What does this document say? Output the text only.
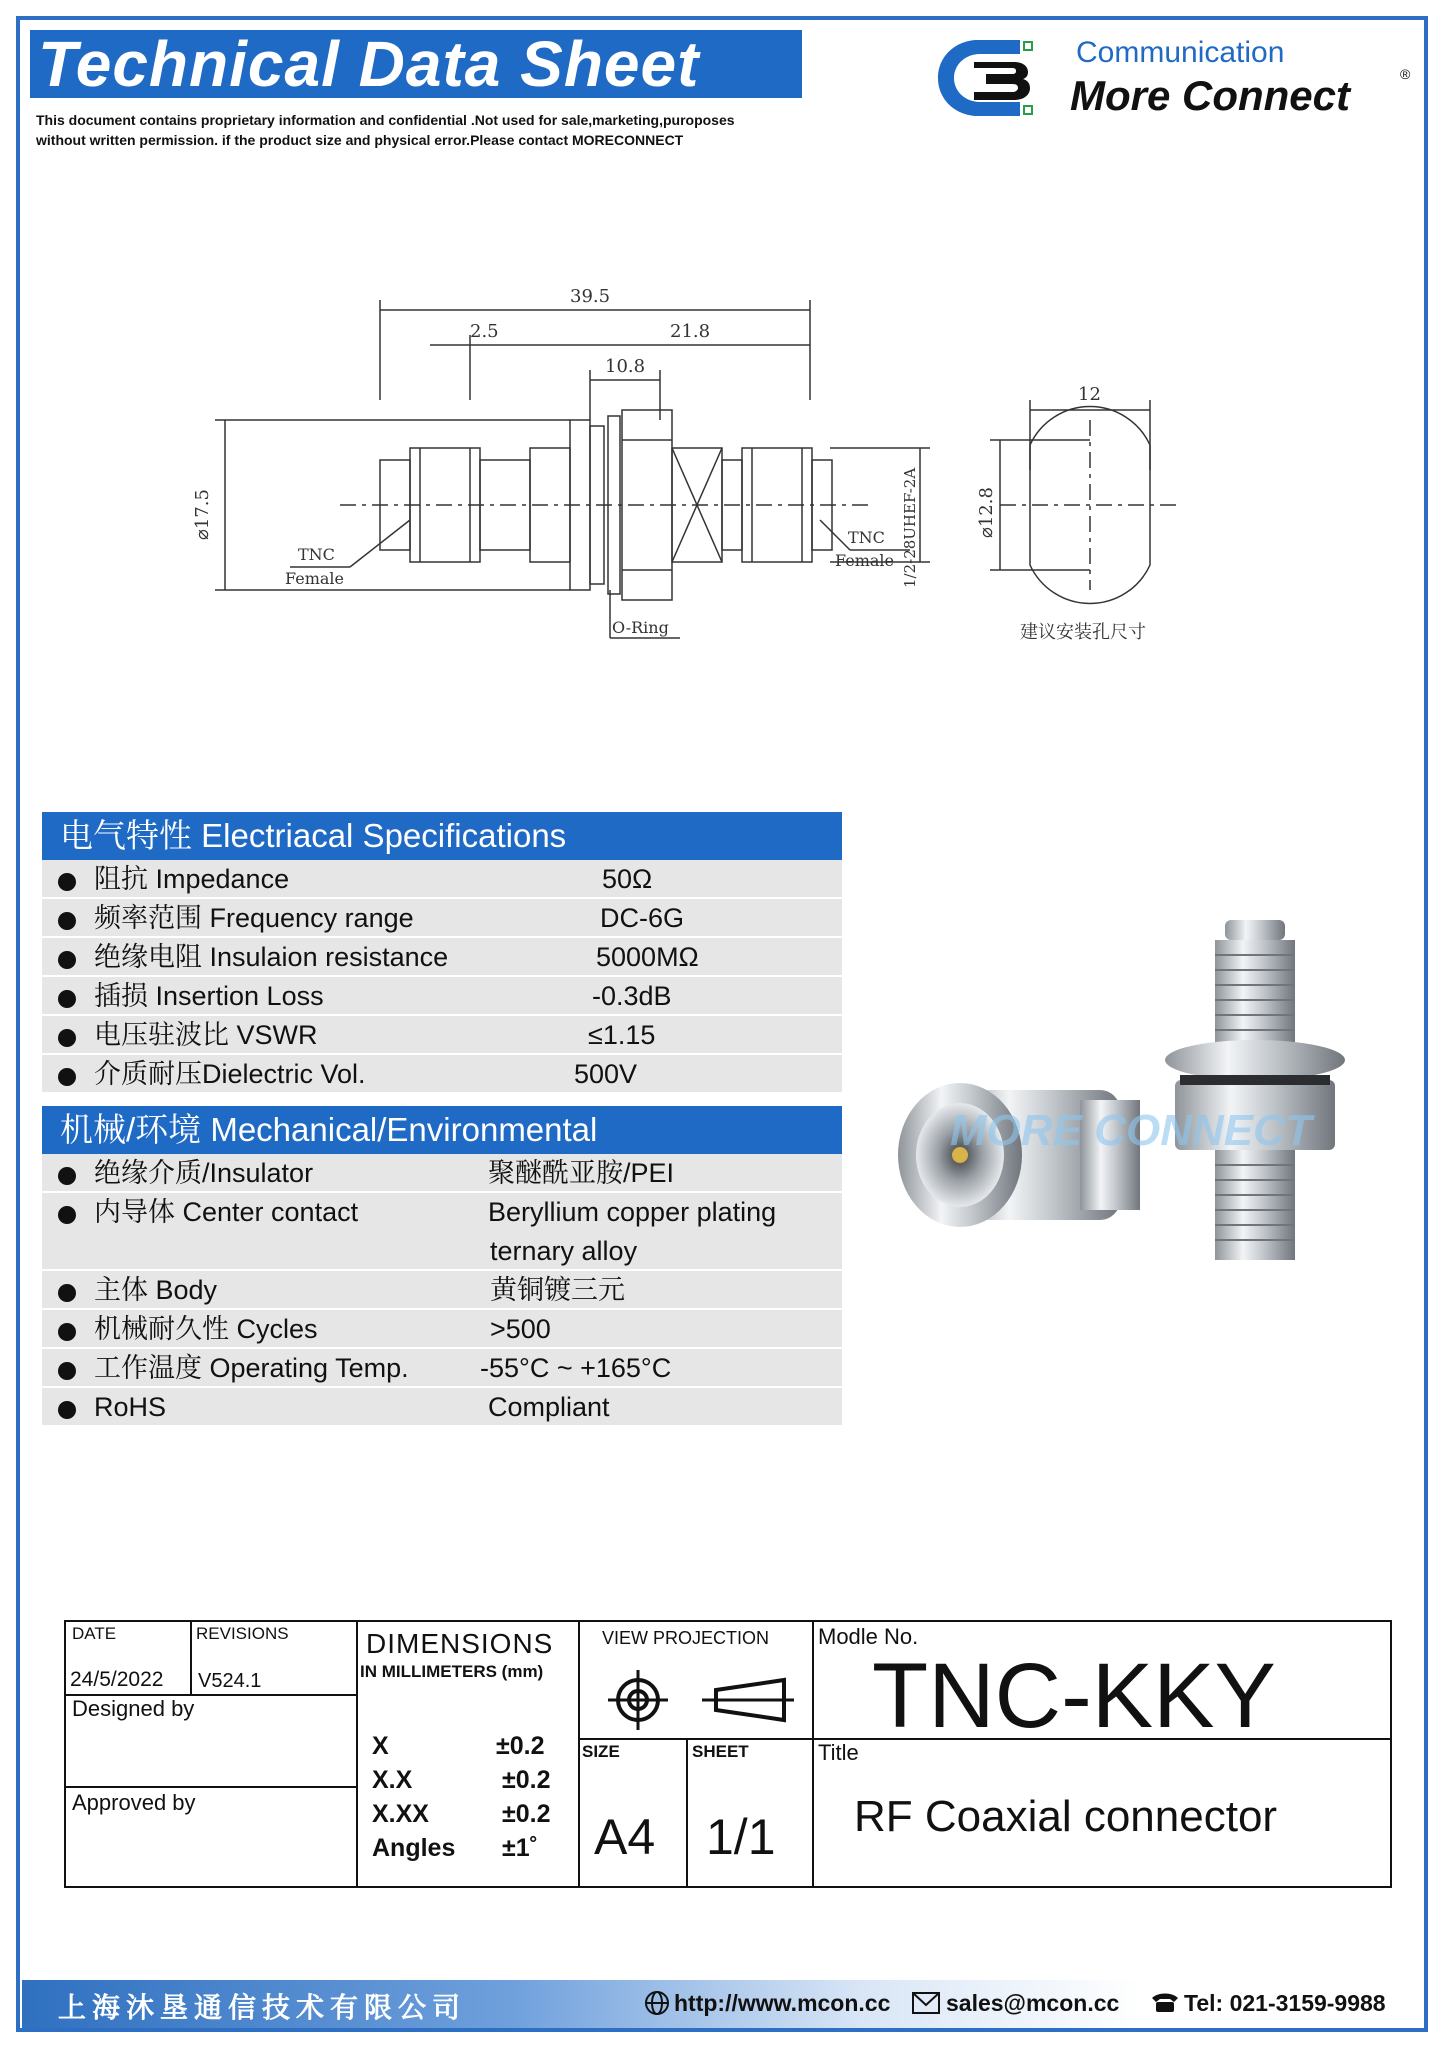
Technical Data Sheet
This document contains proprietary information and confidential .Not used for sale,marketing,puroposes
without written permission. if the product size and physical error.Please contact MORECONNECT
Communication
More Connect	®
39.5
2.5	21.8
10.8
⌀17.5	1/2-28UHEF-2A
TNC
Female
TNC
Female
O-Ring
12
⌀12.8
建议安装孔尺寸
电气特性 Electriacal Specifications
阻抗 Impedance	50Ω
频率范围 Frequency range	DC-6G
绝缘电阻 Insulaion resistance	5000MΩ
插损 Insertion Loss	-0.3dB
电压驻波比 VSWR	≤1.15
介质耐压Dielectric Vol.	500V
机械/环境 Mechanical/Environmental
绝缘介质/Insulator	聚醚酰亚胺/PEI
内导体 Center contact	Beryllium copper plating
ternary alloy
主体 Body	黄铜镀三元
机械耐久性 Cycles	>500
工作温度 Operating Temp.	-55°C ~ +165°C
RoHS	Compliant
MORE CONNECT
DATE	REVISIONS
24/5/2022 V524.1
Designed by
Approved by
DIMENSIONS
IN MILLIMETERS (mm)
X	±0.2
X.X	±0.2
X.XX	±0.2
Angles ±1˚
VIEW PROJECTION
SIZE	SHEET
A4 1/1
Modle No.
TNC-KKY
Title
RF Coaxial connector
上海沐垦通信技术有限公司	http://www.mcon.cc sales@mcon.cc	Tel: 021-3159-9988
